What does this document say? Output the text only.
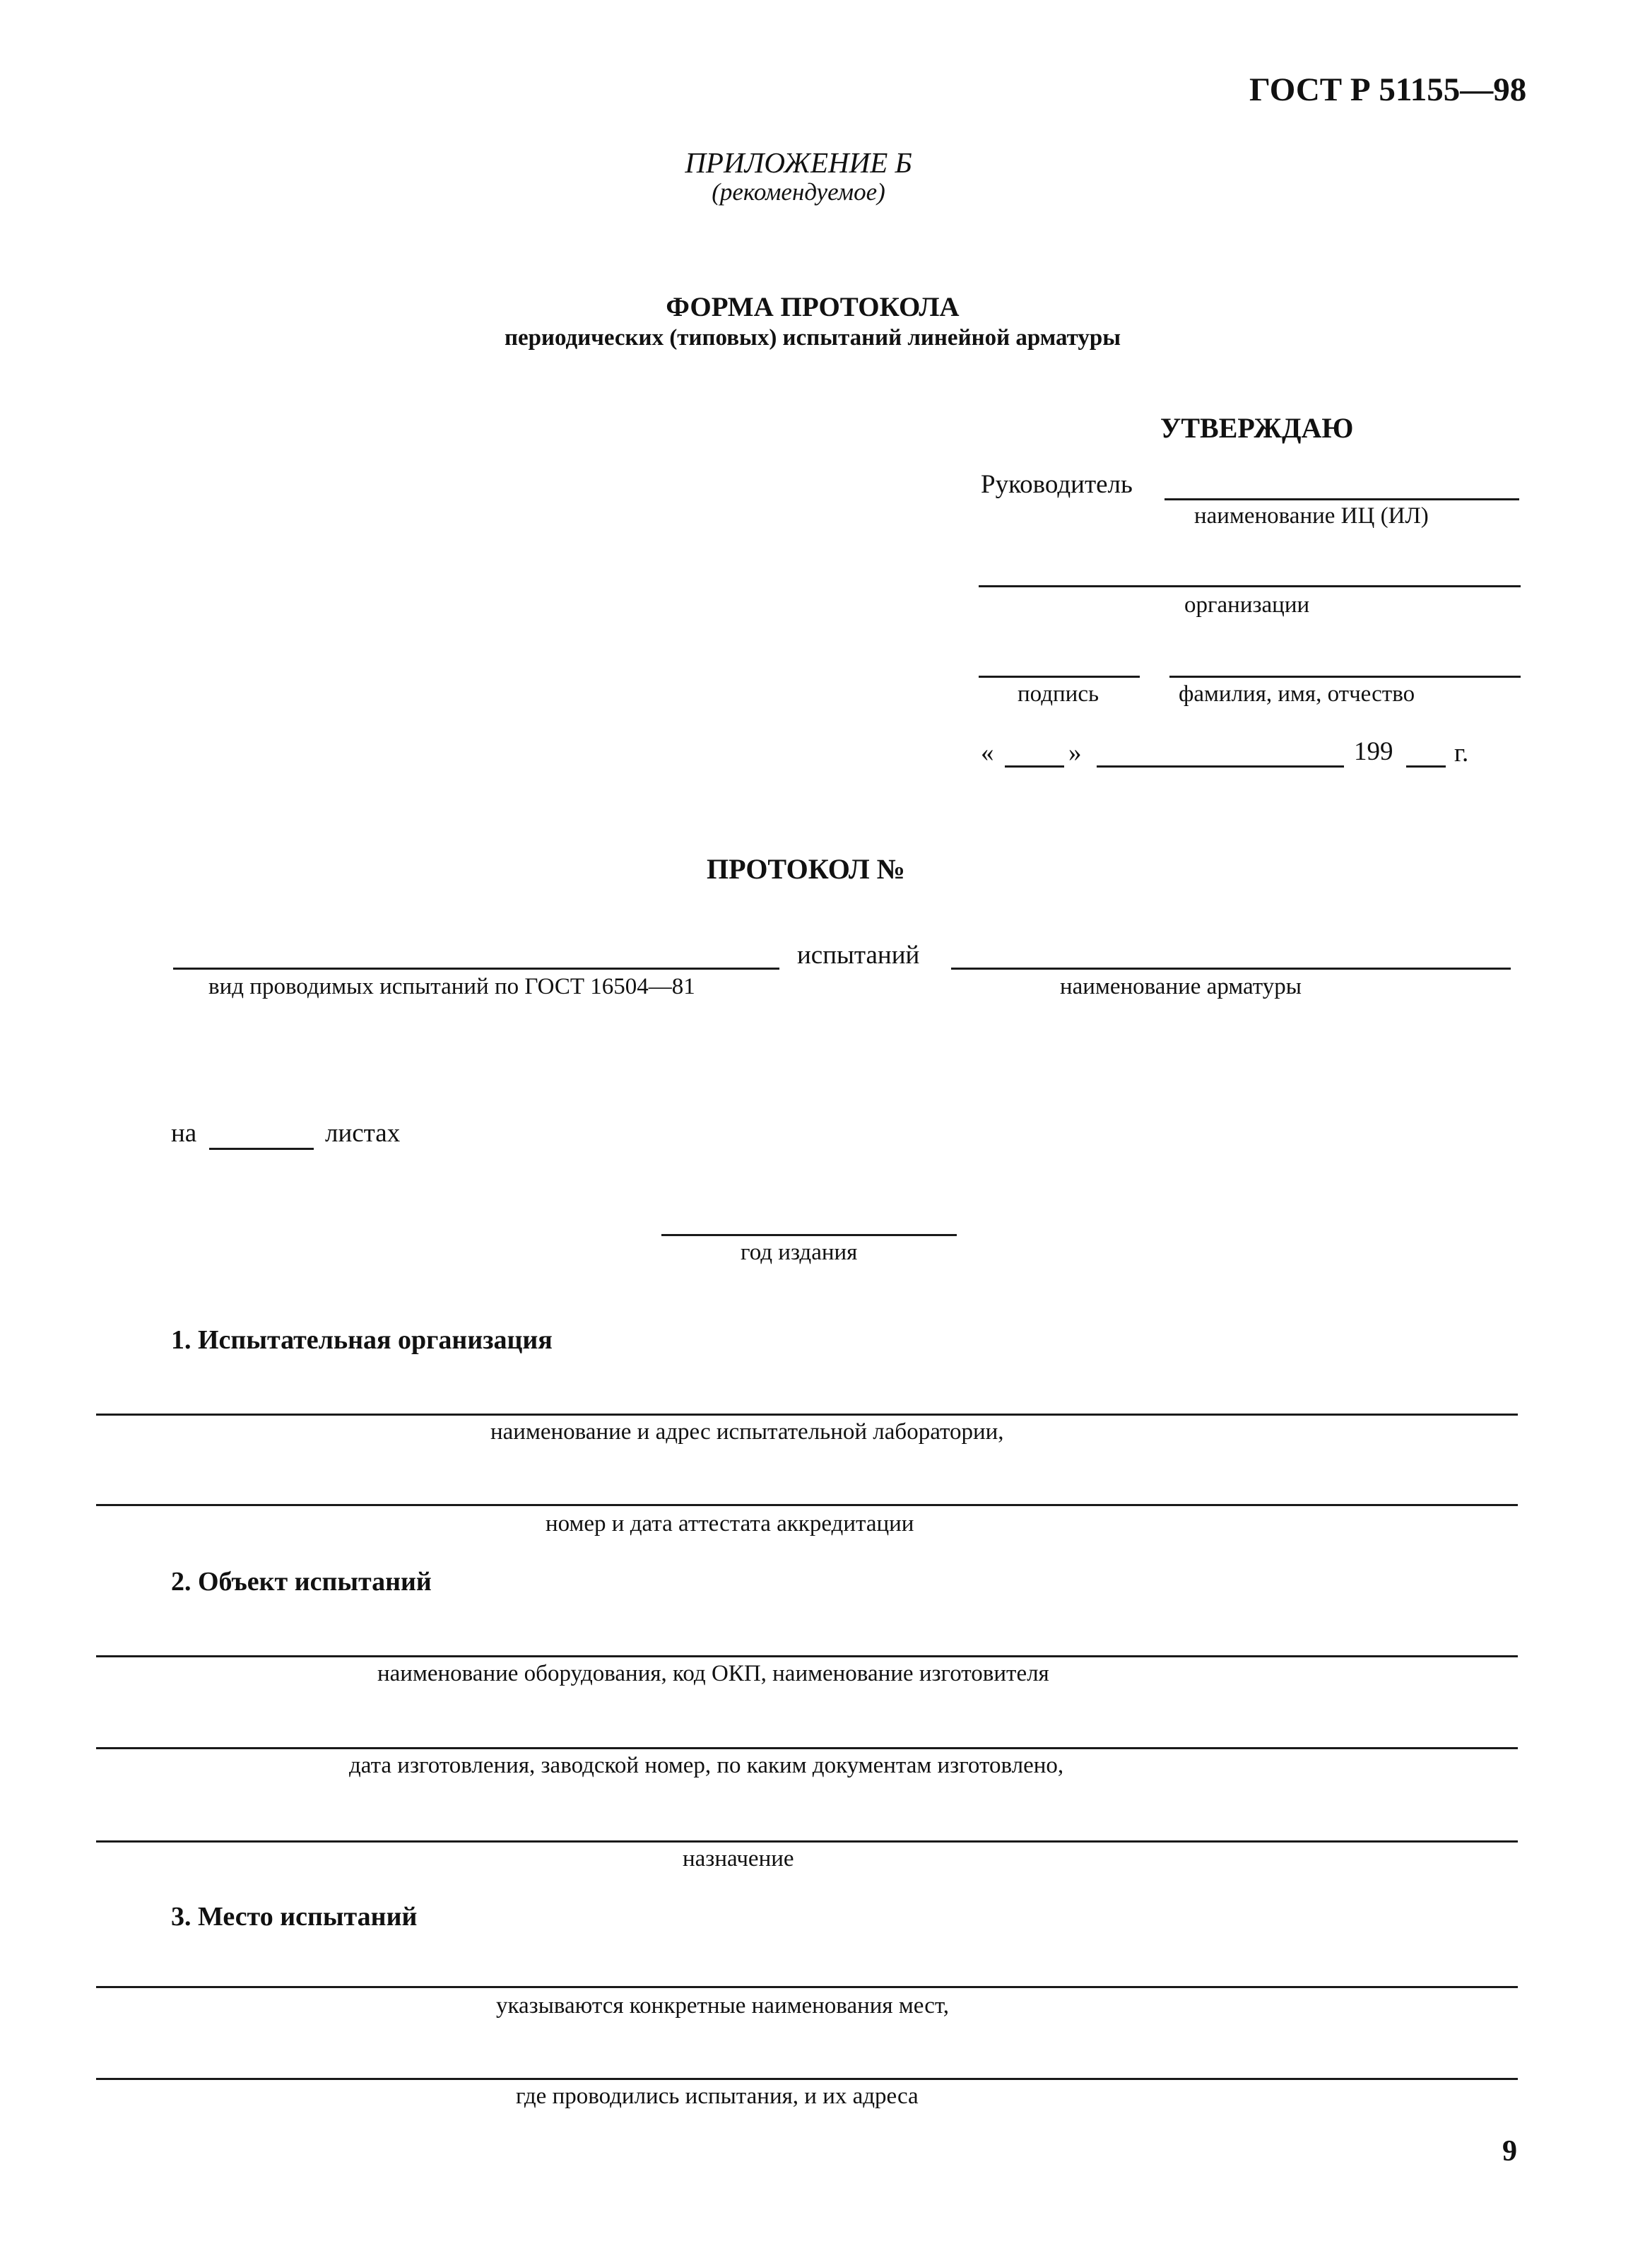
ГОСТ Р 51155—98
ПРИЛОЖЕНИЕ Б
(рекомендуемое)
ФОРМА ПРОТОКОЛА
периодических (типовых) испытаний линейной арматуры
УТВЕРЖДАЮ
Руководитель
наименование ИЦ (ИЛ)
организации
подпись	фамилия, имя, отчество
«	»	199 г.
ПРОТОКОЛ №
испытаний
вид проводимых испытаний по ГОСТ 16504—81	наименование арматуры
на	листах
год издания
1. Испытательная организация
наименование и адрес испытательной лаборатории,
номер и дата аттестата аккредитации
2. Объект испытаний
наименование оборудования, код ОКП, наименование изготовителя
дата изготовления, заводской номер, по каким документам изготовлено,
назначение
3. Место испытаний
указываются конкретные наименования мест,
где проводились испытания, и их адреса
9
